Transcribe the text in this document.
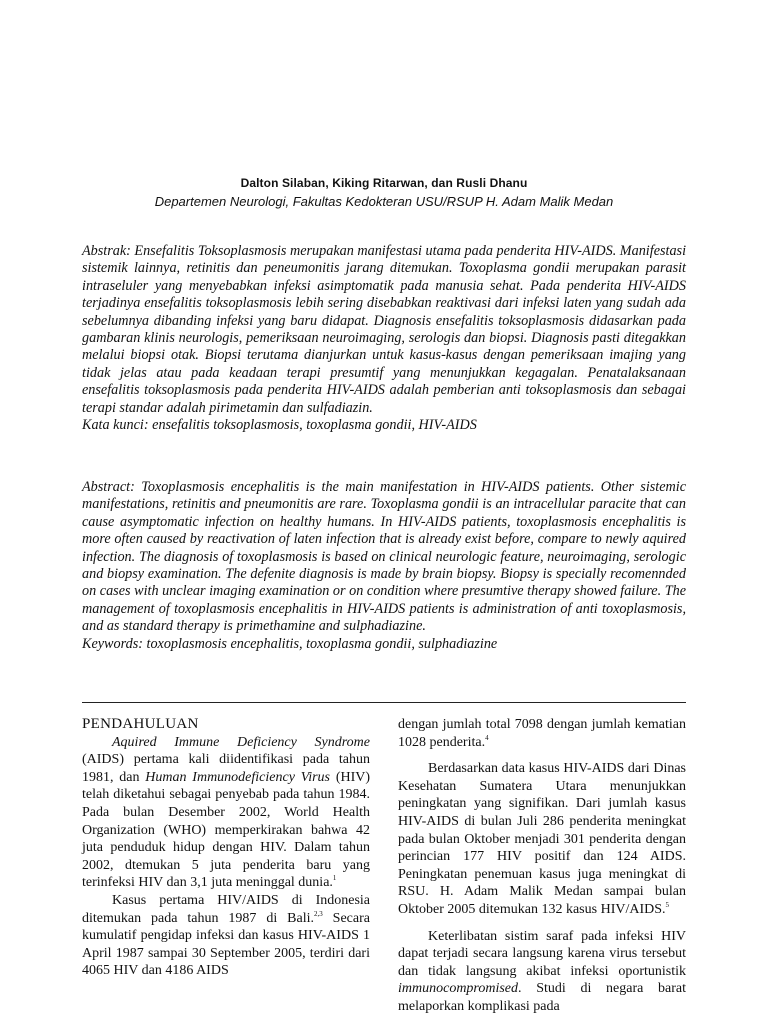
Dalton Silaban, Kiking Ritarwan, dan Rusli Dhanu
Departemen Neurologi, Fakultas Kedokteran USU/RSUP H. Adam Malik Medan
Abstrak: Ensefalitis Toksoplasmosis merupakan manifestasi utama pada penderita HIV-AIDS. Manifestasi sistemik lainnya, retinitis dan peneumonitis jarang ditemukan. Toxoplasma gondii merupakan parasit intraseluler yang menyebabkan infeksi asimptomatik pada manusia sehat. Pada penderita HIV-AIDS terjadinya ensefalitis toksoplasmosis lebih sering disebabkan reaktivasi dari infeksi laten yang sudah ada sebelumnya dibanding infeksi yang baru didapat. Diagnosis ensefalitis toksoplasmosis didasarkan pada gambaran klinis neurologis, pemeriksaan neuroimaging, serologis dan biopsi. Diagnosis pasti ditegakkan melalui biopsi otak. Biopsi terutama dianjurkan untuk kasus-kasus dengan pemeriksaan imajing yang tidak jelas atau pada keadaan terapi presumtif yang menunjukkan kegagalan. Penatalaksanaan ensefalitis toksoplasmosis pada penderita HIV-AIDS adalah pemberian anti toksoplasmosis dan sebagai terapi standar adalah pirimetamin dan sulfadiazin.
Kata kunci: ensefalitis toksoplasmosis, toxoplasma gondii, HIV-AIDS
Abstract: Toxoplasmosis encephalitis is the main manifestation in HIV-AIDS patients. Other sistemic manifestations, retinitis and pneumonitis are rare. Toxoplasma gondii is an intracellular paracite that can cause asymptomatic infection on healthy humans. In HIV-AIDS patients, toxoplasmosis encephalitis is more often caused by reactivation of laten infection that is already exist before, compare to newly aquired infection. The diagnosis of toxoplasmosis is based on clinical neurologic feature, neuroimaging, serologic and biopsy examination. The defenite diagnosis is made by brain biopsy. Biopsy is specially recomennded on cases with unclear imaging examination or on condition where presumtive therapy showed failure. The management of toxoplasmosis encephalitis in HIV-AIDS patients is administration of anti toxoplasmosis, and as standard therapy is primethamine and sulphadiazine.
Keywords: toxoplasmosis encephalitis, toxoplasma gondii, sulphadiazine

PENDAHULUAN

Aquired Immune Deficiency Syndrome (AIDS) pertama kali diidentifikasi pada tahun 1981, dan Human Immunodeficiency Virus (HIV) telah diketahui sebagai penyebab pada tahun 1984. Pada bulan Desember 2002, World Health Organization (WHO) memperkirakan bahwa 42 juta penduduk hidup dengan HIV. Dalam tahun 2002, dtemukan 5 juta penderita baru yang terinfeksi HIV dan 3,1 juta meninggal dunia.$^1$

Kasus pertama HIV/AIDS di Indonesia ditemukan pada tahun 1987 di Bali.$^{2,3}$ Secara kumulatif pengidap infeksi dan kasus HIV-AIDS 1 April 1987 sampai 30 September 2005, terdiri dari 4065 HIV dan 4186 AIDS

dengan jumlah total 7098 dengan jumlah kematian 1028 penderita.$^4$

Berdasarkan data kasus HIV-AIDS dari Dinas Kesehatan Sumatera Utara menunjukkan peningkatan yang signifikan. Dari jumlah kasus HIV-AIDS di bulan Juli 286 penderita meningkat pada bulan Oktober menjadi 301 penderita dengan perincian 177 HIV positif dan 124 AIDS. Peningkatan penemuan kasus juga meningkat di RSU. H. Adam Malik Medan sampai bulan Oktober 2005 ditemukan 132 kasus HIV/AIDS.$^5$

Keterlibatan sistim saraf pada infeksi HIV dapat terjadi secara langsung karena virus tersebut dan tidak langsung akibat infeksi oportunistik immunocompromised. Studi di negara barat melaporkan komplikasi pada
